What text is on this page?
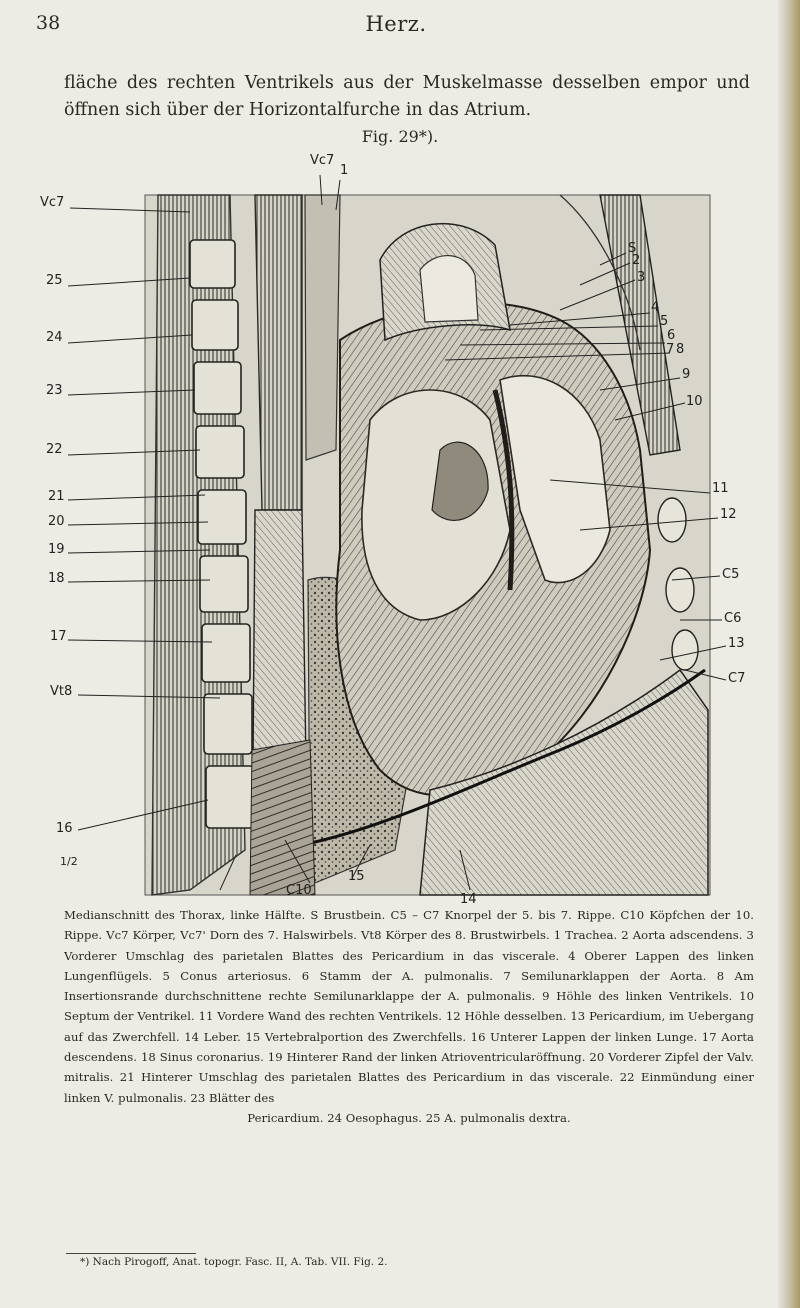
38	Herz.

fläche des rechten Ventrikels aus der Muskelmasse desselben empor und öffnen sich über der Horizontalfurche in das Atrium.

Fig. 29*).
Vc7
25
24
23
22
21
20
19
18
17
Vt8
16
Vc7
1
S
2
3
4
5
6
7 8
9
10
11
12
C5
C6
13
C7
1/2
C10
15
14

Medianschnitt des Thorax, linke Hälfte. S Brustbein. C5 – C7 Knorpel der 5. bis 7. Rippe. C10 Köpfchen der 10. Rippe. Vc7 Körper, Vc7' Dorn des 7. Halswirbels. Vt8 Körper des 8. Brustwirbels. 1 Trachea. 2 Aorta adscendens. 3 Vorderer Umschlag des parietalen Blattes des Pericardium in das viscerale. 4 Oberer Lappen des linken Lungenflügels. 5 Conus arteriosus. 6 Stamm der A. pulmonalis. 7 Semilunarklappen der Aorta. 8 Am Insertionsrande durchschnittene rechte Semilunarklappe der A. pulmonalis. 9 Höhle des linken Ventrikels. 10 Septum der Ventrikel. 11 Vordere Wand des rechten Ventrikels. 12 Höhle desselben. 13 Pericardium, im Uebergang auf das Zwerchfell. 14 Leber. 15 Vertebralportion des Zwerchfells. 16 Unterer Lappen der linken Lunge. 17 Aorta descendens. 18 Sinus coronarius. 19 Hinterer Rand der linken Atrioventricularöffnung. 20 Vorderer Zipfel der Valv. mitralis. 21 Hinterer Umschlag des parietalen Blattes des Pericardium in das viscerale. 22 Einmündung einer linken V. pulmonalis. 23 Blätter des
Pericardium. 24 Oesophagus. 25 A. pulmonalis dextra.

*) Nach Pirogoff, Anat. topogr. Fasc. II, A. Tab. VII. Fig. 2.
